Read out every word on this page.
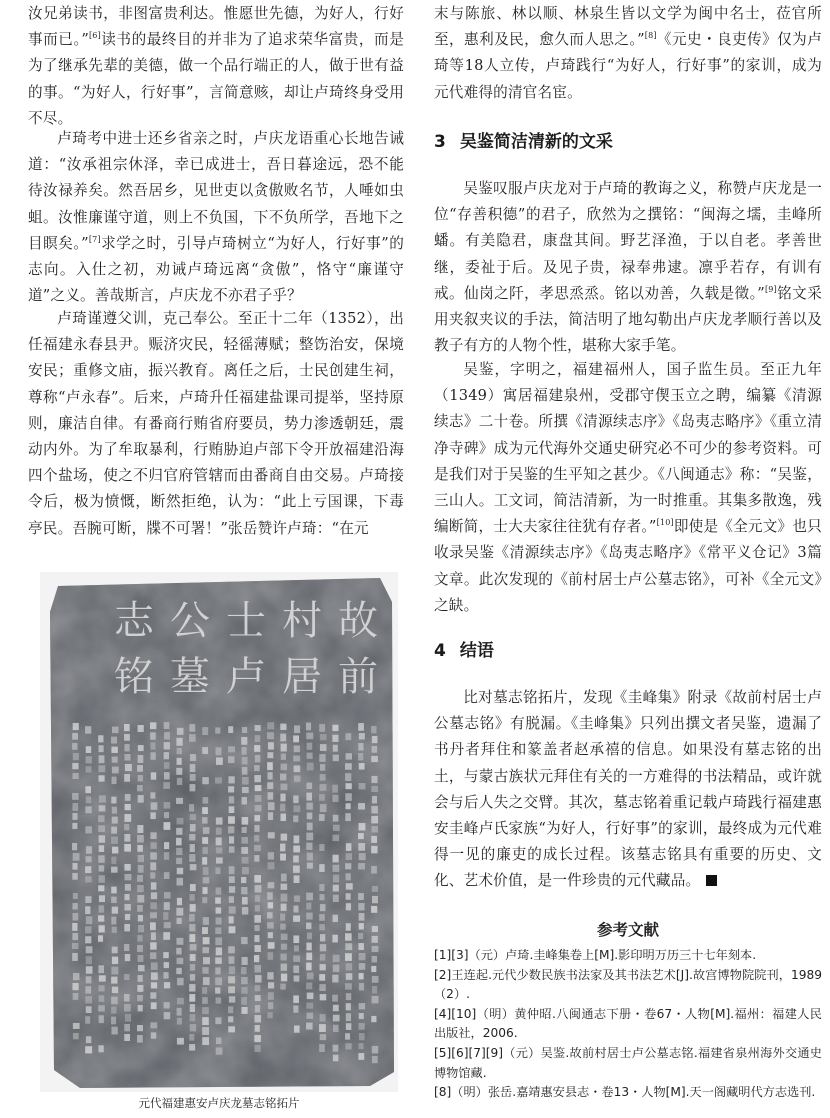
汝兄弟读书，非图富贵利达。惟愿世先德，为好人，行好事而已。”[6]读书的最终目的并非为了追求荣华富贵，而是为了继承先辈的美德，做一个品行端正的人，做于世有益的事。“为好人，行好事”，言简意赅，却让卢琦终身受用不尽。

卢琦考中进士还乡省亲之时，卢庆龙语重心长地告诫道：“汝承祖宗休泽，幸已成进士，吾日暮途远，恐不能待汝禄养矣。然吾居乡，见世吏以贪傲败名节，人唾如虫蛆。汝惟廉谨守道，则上不负国，下不负所学，吾地下之目瞑矣。”[7]求学之时，引导卢琦树立“为好人，行好事”的志向。入仕之初，劝诫卢琦远离“贪傲”，恪守“廉谨守道”之义。善哉斯言，卢庆龙不亦君子乎？

卢琦谨遵父训，克己奉公。至正十二年（1352），出任福建永春县尹。赈济灾民，轻徭薄赋；整饬治安，保境安民；重修文庙，振兴教育。离任之后，士民创建生祠，尊称“卢永春”。后来，卢琦升任福建盐课司提举，坚持原则，廉洁自律。有番商行贿省府要员，势力渗透朝廷，震动内外。为了牟取暴利，行贿胁迫卢部下令开放福建沿海四个盐场，使之不归官府管辖而由番商自由交易。卢琦接令后，极为愤慨，断然拒绝，认为：“此上亏国课，下毒亭民。吾腕可断，牒不可署！”张岳赞许卢琦：“在元

故
前
村
居
士
卢
公
墓
志
铭
元代福建惠安卢庆龙墓志铭拓片

末与陈旅、林以顺、林泉生皆以文学为闽中名士，莅官所至，惠利及民，愈久而人思之。”[8]《元史・良吏传》仅为卢琦等18人立传，卢琦践行“为好人，行好事”的家训，成为元代难得的清官名宦。

3 吴鉴简洁清新的文采

吴鉴叹服卢庆龙对于卢琦的教诲之义，称赞卢庆龙是一位“存善积德”的君子，欣然为之撰铭：“闽海之壖，圭峰所蟠。有美隐君，康盘其间。野艺泽渔，于以自老。孝善世继，委祉于后。及见子贵，禄奉弗逮。凛乎若存，有训有戒。仙岗之阡，孝思烝烝。铭以劝善，久载是徵。”[9]铭文采用夹叙夹议的手法，简洁明了地勾勒出卢庆龙孝顺行善以及教子有方的人物个性，堪称大家手笔。

吴鉴，字明之，福建福州人，国子监生员。至正九年（1349）寓居福建泉州，受郡守偰玉立之聘，编纂《清源续志》二十卷。所撰《清源续志序》《岛夷志略序》《重立清净寺碑》成为元代海外交通史研究必不可少的参考资料。可是我们对于吴鉴的生平知之甚少。《八闽通志》称：“吴鉴，三山人。工文词，简洁清新，为一时推重。其集多散逸，残编断简，士大夫家往往犹有存者。”[10]即使是《全元文》也只收录吴鉴《清源续志序》《岛夷志略序》《常平义仓记》3篇文章。此次发现的《前村居士卢公墓志铭》，可补《全元文》之缺。

4 结语

比对墓志铭拓片，发现《圭峰集》附录《故前村居士卢公墓志铭》有脱漏。《圭峰集》只列出撰文者吴鉴，遗漏了书丹者拜住和篆盖者赵承禧的信息。如果没有墓志铭的出土，与蒙古族状元拜住有关的一方难得的书法精品，或许就会与后人失之交臂。其次，墓志铭着重记载卢琦践行福建惠安圭峰卢氏家族“为好人，行好事”的家训，最终成为元代难得一见的廉吏的成长过程。该墓志铭具有重要的历史、文化、艺术价值，是一件珍贵的元代藏品。

参考文献

[1][3]（元）卢琦.圭峰集卷上[M].影印明万历三十七年刻本.

[2]王连起.元代少数民族书法家及其书法艺术[J].故宫博物院院刊，1989（2）.

[4][10]（明）黄仲昭.八闽通志下册・卷67・人物[M].福州：福建人民出版社，2006.

[5][6][7][9]（元）吴鉴.故前村居士卢公墓志铭.福建省泉州海外交通史博物馆藏.

[8]（明）张岳.嘉靖惠安县志・卷13・人物[M].天一阁藏明代方志选刊.
